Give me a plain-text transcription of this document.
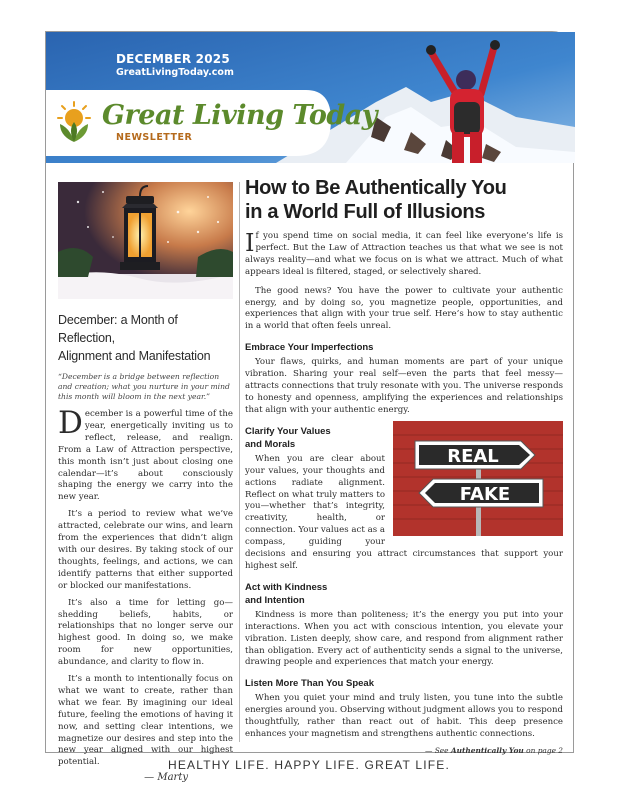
DECEMBER 2025
GreatLivingToday.com
Great Living Today
NEWSLETTER
December: a Month of Reflection,
Alignment and Manifestation
“December is a bridge between reflection and creation; what you nurture in your mind this month will bloom in the next year.”

December is a powerful time of the year, energetically inviting us to reflect, release, and realign. From a Law of Attraction perspective, this month isn’t just about closing one calendar—it’s about consciously shaping the energy we carry into the new year.

It’s a period to review what we’ve attracted, celebrate our wins, and learn from the experiences that didn’t align with our desires. By taking stock of our thoughts, feelings, and actions, we can identify patterns that either supported or blocked our manifestations.

It’s also a time for letting go—shedding beliefs, habits, or relationships that no longer serve our highest good. In doing so, we make room for new opportunities, abundance, and clarity to flow in.

It’s a month to intentionally focus on what we want to create, rather than what we fear. By imagining our ideal future, feeling the emotions of having it now, and setting clear intentions, we magnetize our desires and step into the new year aligned with our highest potential.

— Marty
How to Be Authentically You
in a World Full of Illusions

If you spend time on social media, it can feel like everyone’s life is perfect. But the Law of Attraction teaches us that what we see is not always reality—and what we focus on is what we attract. Much of what appears ideal is filtered, staged, or selectively shared.

The good news? You have the power to cultivate your authentic energy, and by doing so, you magnetize people, opportunities, and experiences that align with your true self. Here’s how to stay authentic in a world that often feels unreal.

Embrace Your Imperfections

Your flaws, quirks, and human moments are part of your unique vibration. Sharing your real self—even the parts that feel messy—attracts connections that truly resonate with you. The universe responds to honesty and openness, amplifying the experiences and relationships that align with your authentic energy.

REAL
FAKE
Clarify Your Values
and Morals

When you are clear about your values, your thoughts and actions radiate alignment. Reflect on what truly matters to you—whether that’s integrity, creativity, health, or connection. Your values act as a compass, guiding your decisions and ensuring you attract circumstances that support your highest self.

Act with Kindness
and Intention

Kindness is more than politeness; it’s the energy you put into your interactions. When you act with conscious intention, you elevate your vibration. Listen deeply, show care, and respond from alignment rather than obligation. Every act of authenticity sends a signal to the universe, drawing people and experiences that match your energy.

Listen More Than You Speak

When you quiet your mind and truly listen, you tune into the subtle energies around you. Observing without judgment allows you to respond thoughtfully, rather than react out of habit. This deep presence enhances your magnetism and strengthens authentic connections.

— See Authentically You on page 2
HEALTHY LIFE. HAPPY LIFE. GREAT LIFE.
